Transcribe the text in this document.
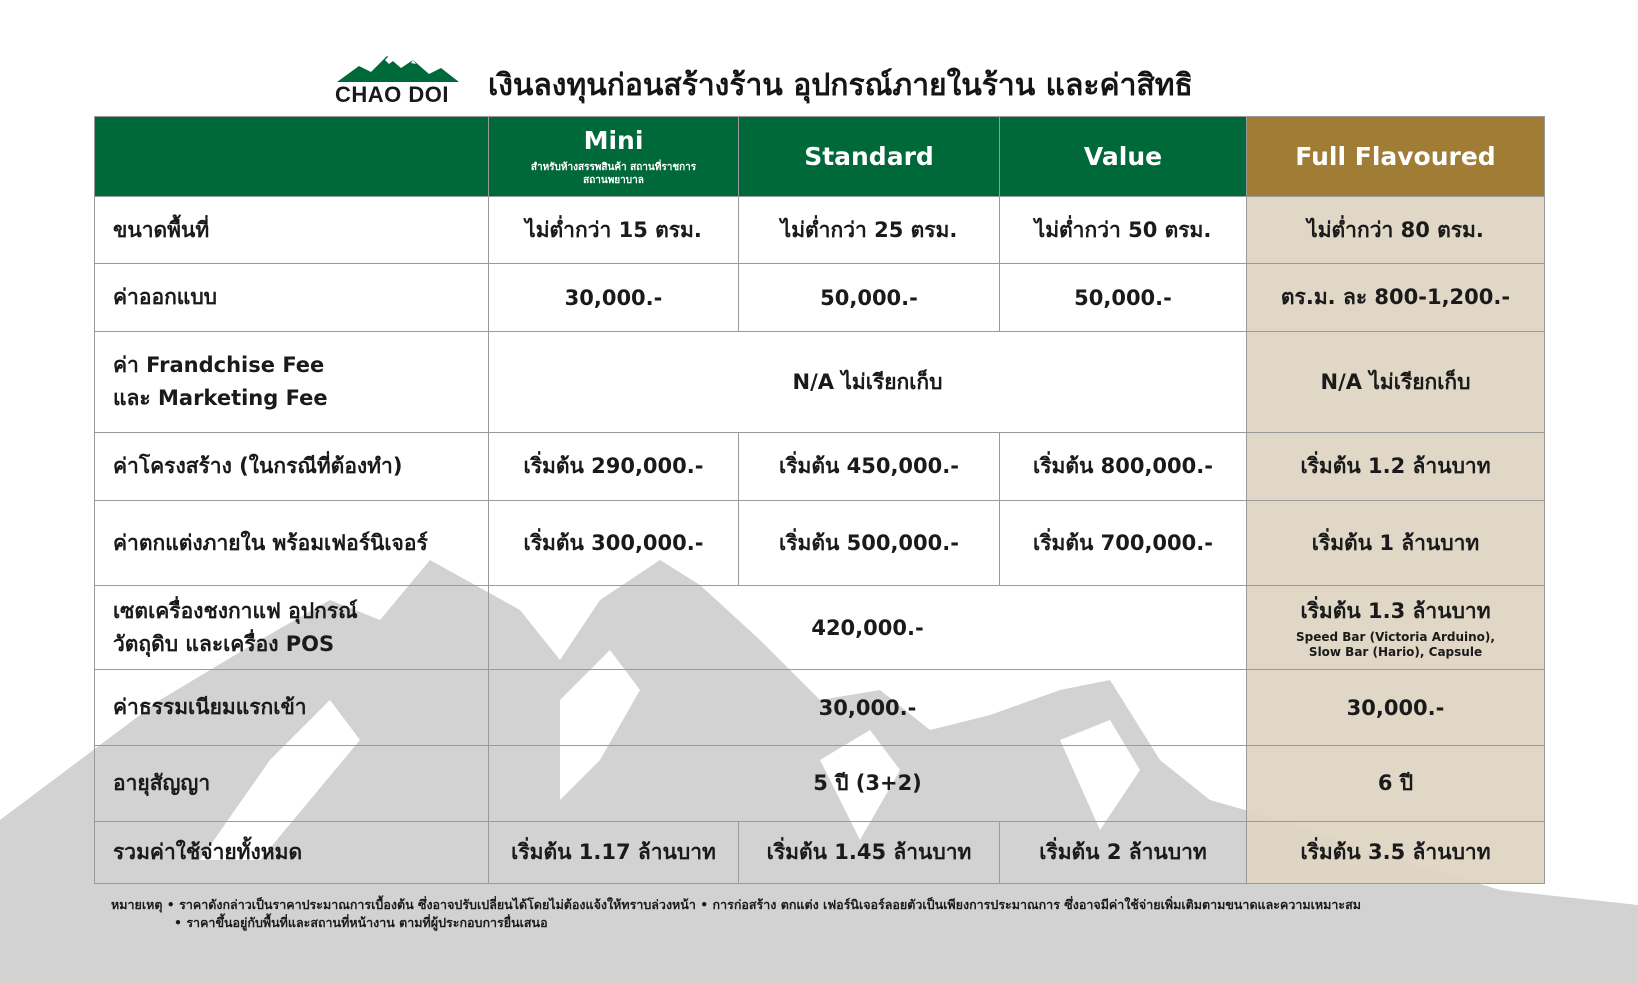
CHAO DOI เงินลงทุนก่อนสร้างร้าน อุปกรณ์ภายในร้าน และค่าสิทธิ

	Mini
สำหรับห้างสรรพสินค้า สถานที่ราชการ สถานพยาบาล	Standard	Value	Full Flavoured

ขนาดพื้นที่	ไม่ต่ำกว่า 15 ตรม.	ไม่ต่ำกว่า 25 ตรม.	ไม่ต่ำกว่า 50 ตรม.	ไม่ต่ำกว่า 80 ตรม.
ค่าออกแบบ	30,000.-	50,000.-	50,000.-	ตร.ม. ละ 800-1,200.-
ค่า Frandchise Fee
และ Marketing Fee	N/A ไม่เรียกเก็บ			N/A ไม่เรียกเก็บ
ค่าโครงสร้าง (ในกรณีที่ต้องทำ)	เริ่มต้น 290,000.-	เริ่มต้น 450,000.-	เริ่มต้น 800,000.-	เริ่มต้น 1.2 ล้านบาท
ค่าตกแต่งภายใน พร้อมเฟอร์นิเจอร์	เริ่มต้น 300,000.-	เริ่มต้น 500,000.-	เริ่มต้น 700,000.-	เริ่มต้น 1 ล้านบาท
เซตเครื่องชงกาแฟ อุปกรณ์
วัตถุดิบ และเครื่อง POS	420,000.-			เริ่มต้น 1.3 ล้านบาท
Speed Bar (Victoria Arduino),
Slow Bar (Hario), Capsule

ค่าธรรมเนียมแรกเข้า	30,000.-			30,000.-
อายุสัญญา	5 ปี (3+2)			6 ปี
รวมค่าใช้จ่ายทั้งหมด	เริ่มต้น 1.17 ล้านบาท	เริ่มต้น 1.45 ล้านบาท	เริ่มต้น 2 ล้านบาท	เริ่มต้น 3.5 ล้านบาท
หมายเหตุ • ราคาดังกล่าวเป็นราคาประมาณการเบื้องต้น ซึ่งอาจปรับเปลี่ยนได้โดยไม่ต้องแจ้งให้ทราบล่วงหน้า • การก่อสร้าง ตกแต่ง เฟอร์นิเจอร์ลอยตัวเป็นเพียงการประมาณการ ซึ่งอาจมีค่าใช้จ่ายเพิ่มเติมตามขนาดและความเหมาะสม
• ราคาขึ้นอยู่กับพื้นที่และสถานที่หน้างาน ตามที่ผู้ประกอบการยื่นเสนอ
